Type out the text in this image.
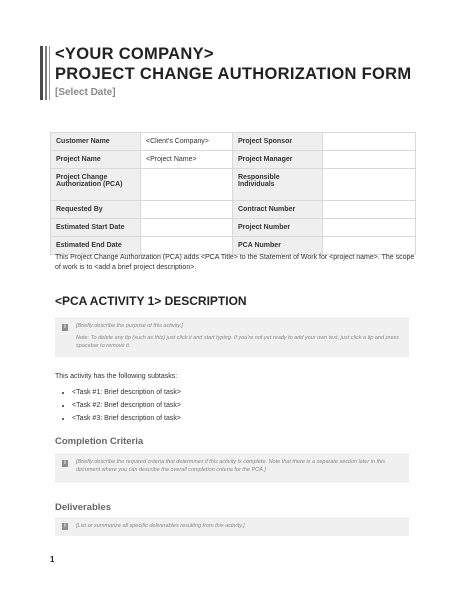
<YOUR COMPANY>
PROJECT CHANGE AUTHORIZATION FORM
[Select Date]
Customer Name	<Client's Company>	Project Sponsor	
Project Name	<Project Name>	Project Manager	
Project Change Authorization (PCA)		Responsible Individuals	
Requested By		Contract Number	
Estimated Start Date		Project Number	
Estimated End Date		PCA Number	
This Project Change Authorization (PCA) adds <PCA Title> to the Statement of Work for <project name>. The scope of work is to <add a brief project description>.
<PCA ACTIVITY 1> DESCRIPTION
i	[Briefly describe the purpose of this activity.]
Note: To delete any tip (such as this) just click it and start typing. If you're not yet ready to add your own text, just click a tip and press spacebar to remove it.
This activity has the following subtasks:
• <Task #1: Brief description of task>
• <Task #2: Brief description of task>
• <Task #3: Brief description of task>
Completion Criteria
i	[Briefly describe the required criteria that determines if this activity is complete. Note that there is a separate section later in this document where you can describe the overall completion criteria for the PCA.]
Deliverables
i	[List or summarize all specific deliverables resulting from this activity.]
1
